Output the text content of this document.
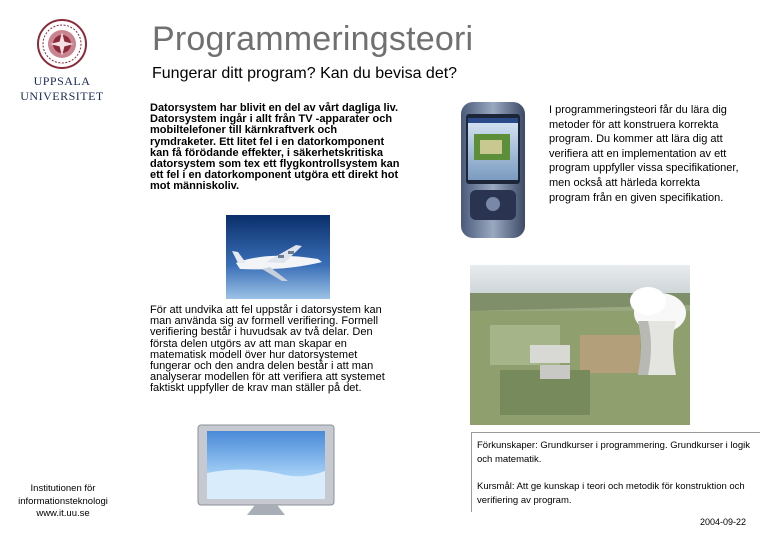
Programmeringsteori
Fungerar ditt program? Kan du bevisa det?
UPPSALA
UNIVERSITET

Datorsystem har blivit en del av vårt dagliga liv. Datorsystem ingår i allt från TV -apparater och mobiltelefoner till kärnkraftverk och rymdraketer. Ett litet fel i en datorkomponent kan få förödande effekter, i säkerhetskritiska datorsystem som tex ett flygkontrollsystem kan ett fel i en datorkomponent utgöra ett direkt hot mot människoliv.

I programmeringsteori får du lära dig metoder för att konstruera korrekta program. Du kommer att lära dig att verifiera att en implementation av ett program uppfyller vissa specifikationer, men också att härleda korrekta program från en given specifikation.

För att undvika att fel uppstår i datorsystem kan man använda sig av formell verifiering. Formell verifiering består i huvudsak av två delar. Den första delen utgörs av att man skapar en matematisk modell över hur datorsystemet fungerar och den andra delen består i att man analyserar modellen för att verifiera att systemet faktiskt uppfyller de krav man ställer på det.

Förkunskaper: Grundkurser i programmering. Grundkurser i logik och matematik.

Kursmål: Att ge kunskap i teori och metodik för konstruktion och verifiering av program.

Institutionen för
informationsteknologi
www.it.uu.se
2004-09-22
